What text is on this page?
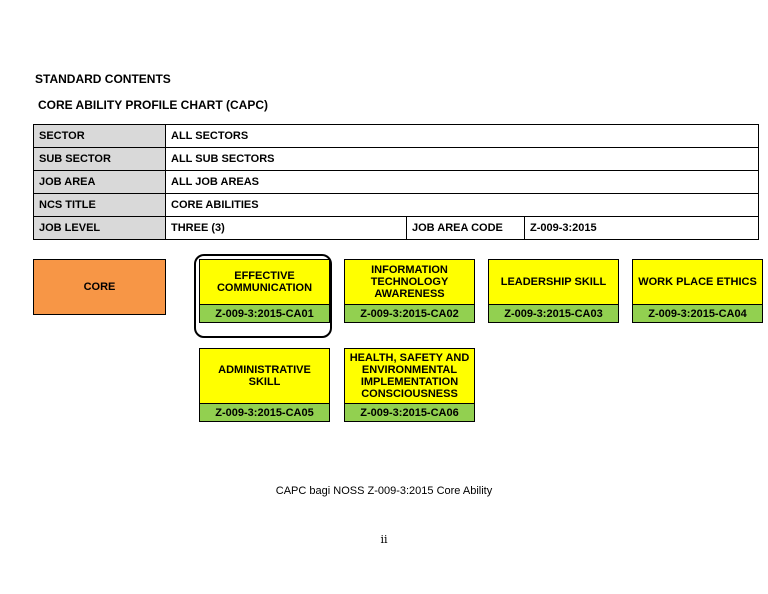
STANDARD CONTENTS
CORE ABILITY PROFILE CHART (CAPC)
SECTOR	ALL SECTORS		
SUB SECTOR	ALL SUB SECTORS		
JOB AREA	ALL JOB AREAS		
NCS TITLE	CORE ABILITIES		
JOB LEVEL	THREE (3)	JOB AREA CODE	Z-009-3:2015
CORE
EFFECTIVE COMMUNICATION
Z-009-3:2015-CA01
INFORMATION TECHNOLOGY AWARENESS
Z-009-3:2015-CA02
LEADERSHIP SKILL
Z-009-3:2015-CA03
WORK PLACE ETHICS
Z-009-3:2015-CA04
ADMINISTRATIVE SKILL
Z-009-3:2015-CA05
HEALTH, SAFETY AND ENVIRONMENTAL IMPLEMENTATION CONSCIOUSNESS
Z-009-3:2015-CA06
CAPC bagi NOSS Z-009-3:2015 Core Ability
ii
